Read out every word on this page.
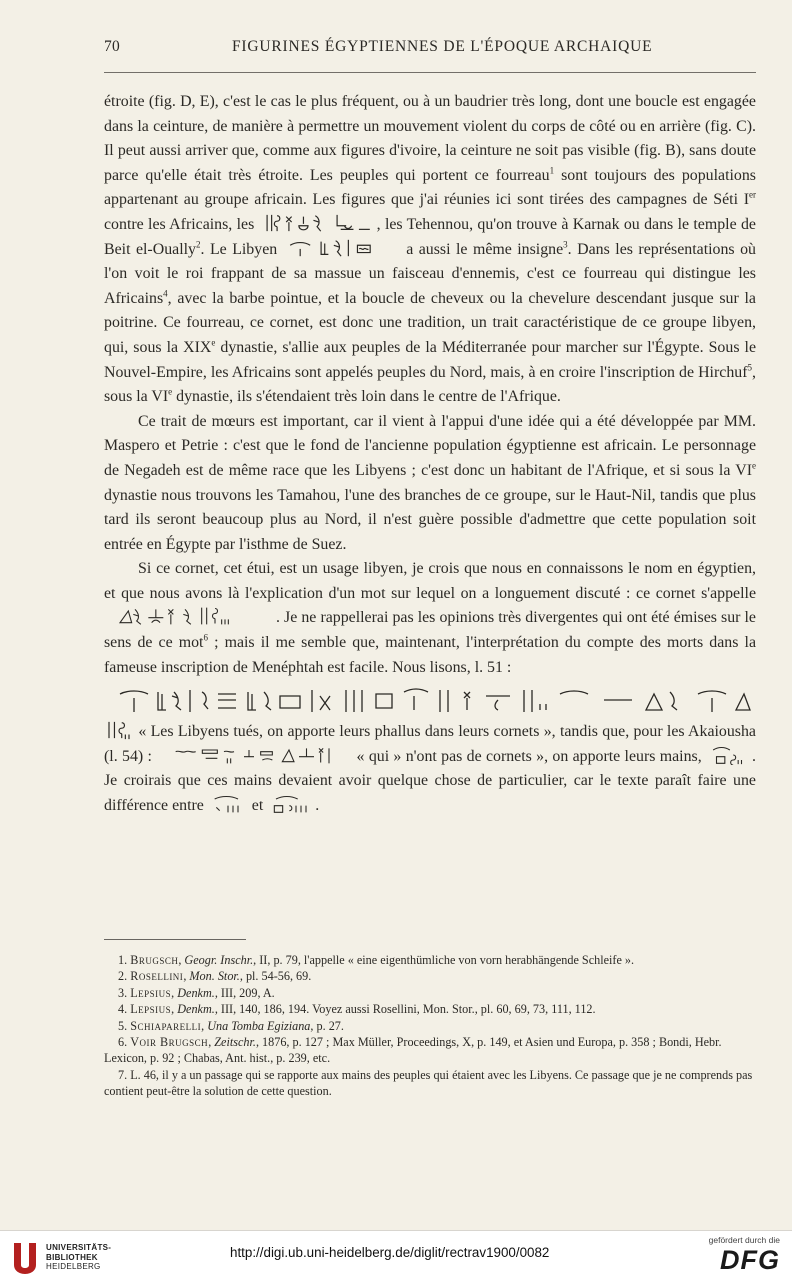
70	FIGURINES ÉGYPTIENNES DE L'ÉPOQUE ARCHAIQUE

étroite (fig. D, E), c'est le cas le plus fréquent, ou à un baudrier très long, dont une boucle est engagée dans la ceinture, de manière à permettre un mouvement violent du corps de côté ou en arrière (fig. C). Il peut aussi arriver que, comme aux figures d'ivoire, la ceinture ne soit pas visible (fig. B), sans doute parce qu'elle était très étroite. Les peuples qui portent ce fourreau$^1$ sont toujours des populations appartenant au groupe africain. Les figures que j'ai réunies ici sont tirées des campagnes de Séti Ier contre les Africains, les	, les Tehennou, qu'on trouve à Karnak ou dans le temple de Beit el-Oually$^2$. Le Libyen	a aussi le même insigne$^3$. Dans les représentations où l'on voit le roi frappant de sa massue un faisceau d'ennemis, c'est ce fourreau qui distingue les Africains$^4$, avec la barbe pointue, et la boucle de cheveux ou la chevelure descendant jusque sur la poitrine. Ce fourreau, ce cornet, est donc une tradition, un trait caractéristique de ce groupe libyen, qui, sous la XIXe dynastie, s'allie aux peuples de la Méditerranée pour marcher sur l'Égypte. Sous le Nouvel-Empire, les Africains sont appelés peuples du Nord, mais, à en croire l'inscription de Hirchuf$^5$, sous la VIe dynastie, ils s'étendaient très loin dans le centre de l'Afrique.

Ce trait de mœurs est important, car il vient à l'appui d'une idée qui a été développée par MM. Maspero et Petrie : c'est que le fond de l'ancienne population égyptienne est africain. Le personnage de Negadeh est de même race que les Libyens ; c'est donc un habitant de l'Afrique, et si sous la VIe dynastie nous trouvons les Tamahou, l'une des branches de ce groupe, sur le Haut-Nil, tandis que plus tard ils seront beaucoup plus au Nord, il n'est guère possible d'admettre que cette population soit entrée en Égypte par l'isthme de Suez.

Si ce cornet, cet étui, est un usage libyen, je crois que nous en connaissons le nom en égyptien, et que nous avons là l'explication d'un mot sur lequel on a longuement discuté : ce cornet s'appelle . Je ne rappellerai pas les opinions très divergentes qui ont été émises sur le sens de ce mot$^6$ ; mais il me semble que, maintenant, l'interprétation du compte des morts dans la fameuse inscription de Menéphtah est facile. Nous lisons, l. 51 :

« Les Libyens tués, on apporte leurs phallus dans leurs cornets », tandis que, pour les Akaiousha (l. 54) :	« qui » n'ont pas de cornets », on apporte leurs mains,	. Je croirais que ces mains devaient avoir quelque chose de particulier, car le texte paraît faire une différence entre	et	.

1. Brugsch, Geogr. Inschr., II, p. 79, l'appelle « eine eigenthümliche von vorn herabhängende Schleife ».

2. Rosellini, Mon. Stor., pl. 54-56, 69.

3. Lepsius, Denkm., III, 209, A.

4. Lepsius, Denkm., III, 140, 186, 194. Voyez aussi Rosellini, Mon. Stor., pl. 60, 69, 73, 111, 112.

5. Schiaparelli, Una Tomba Egiziana, p. 27.

6. Voir Brugsch, Zeitschr., 1876, p. 127 ; Max Müller, Proceedings, X, p. 149, et Asien und Europa, p. 358 ; Bondi, Hebr. Lexicon, p. 92 ; Chabas, Ant. hist., p. 239, etc.

7. L. 46, il y a un passage qui se rapporte aux mains des peuples qui étaient avec les Libyens. Ce passage que je ne comprends pas contient peut-être la solution de cette question.

UNIVERSITÄTS-
BIBLIOTHEK
HEIDELBERG
http://digi.ub.uni-heidelberg.de/diglit/rectrav1900/0082
gefördert durch die
DFG
